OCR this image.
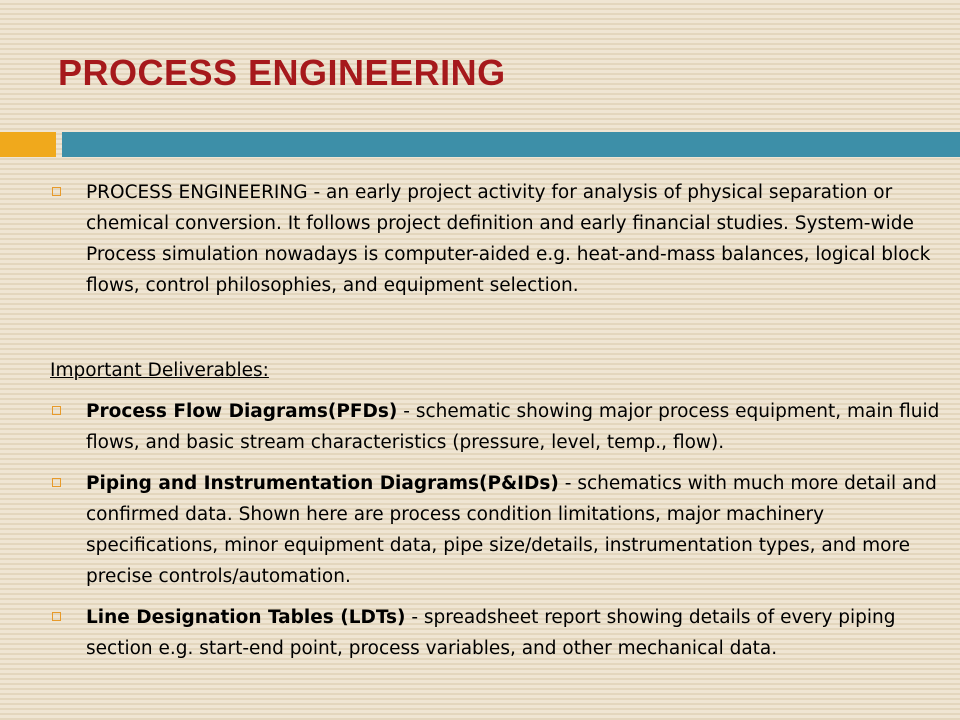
PROCESS ENGINEERING
PROCESS ENGINEERING - an early project activity for analysis of physical separation or chemical conversion. It follows project definition and early financial studies. System-wide Process simulation nowadays is computer-aided e.g. heat-and-mass balances, logical block flows, control philosophies, and equipment selection.
Important Deliverables:
Process Flow Diagrams(PFDs) - schematic showing major process equipment, main fluid flows, and basic stream characteristics (pressure, level, temp., flow).
Piping and Instrumentation Diagrams(P&IDs) - schematics with much more detail and confirmed data. Shown here are process condition limitations, major machinery specifications, minor equipment data, pipe size/details, instrumentation types, and more precise controls/automation.
Line Designation Tables (LDTs) - spreadsheet report showing details of every piping section e.g. start-end point, process variables, and other mechanical data.
